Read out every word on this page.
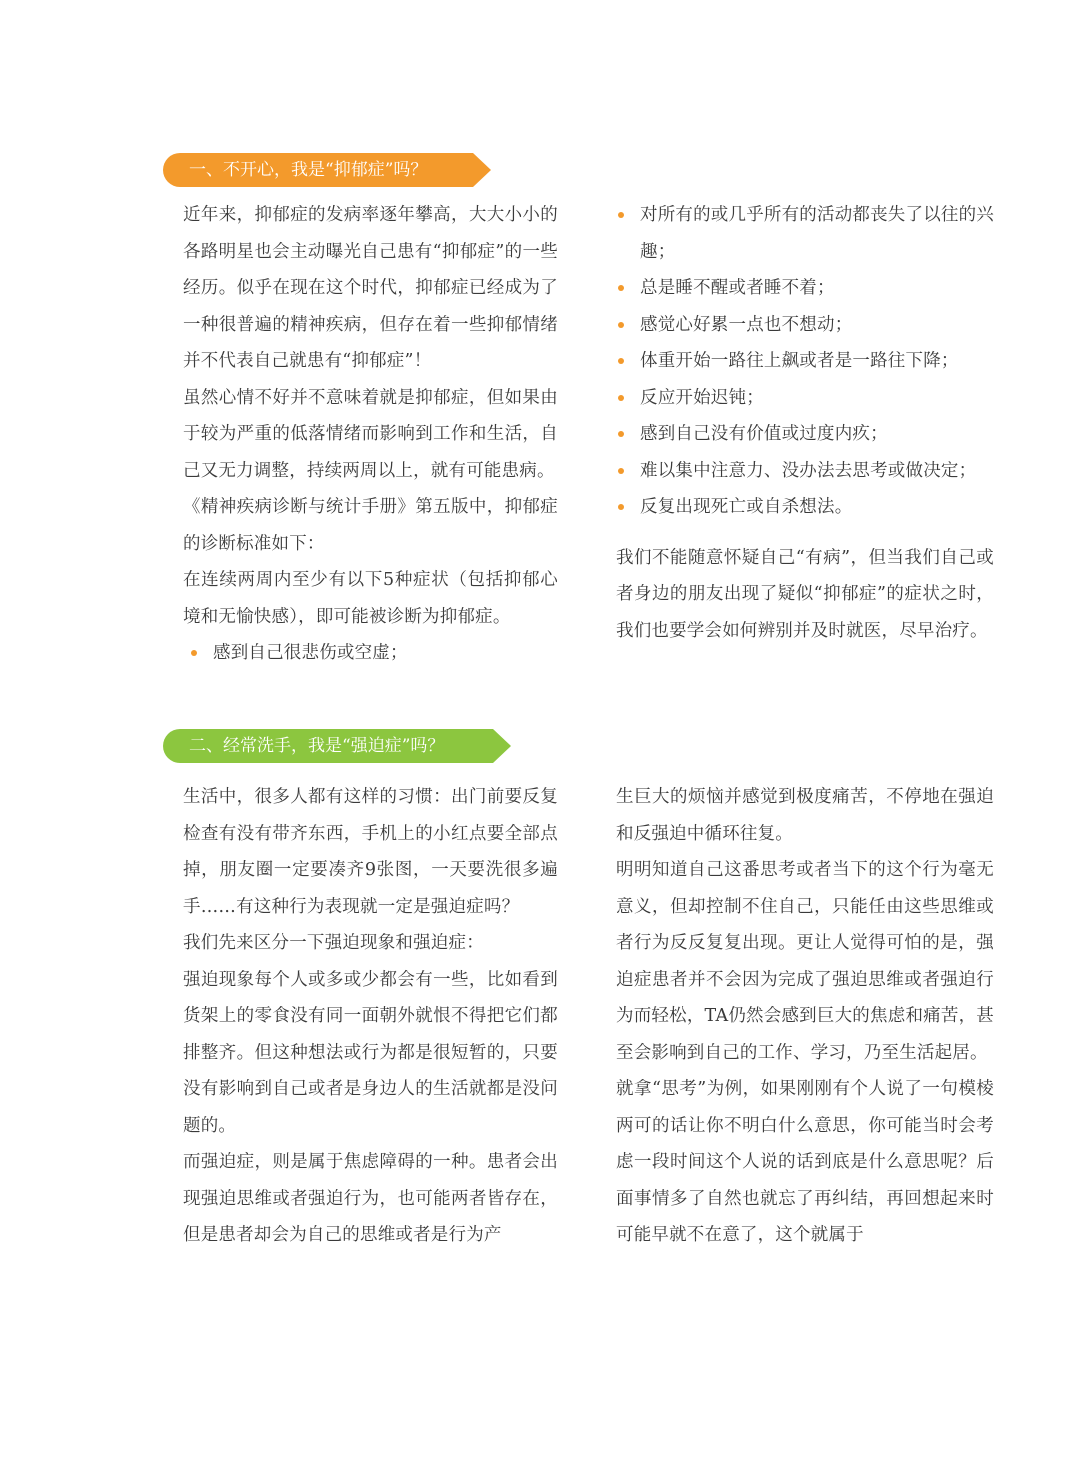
一、不开心，我是“抑郁症”吗？

近年来，抑郁症的发病率逐年攀高，大大小小的各路明星也会主动曝光自己患有“抑郁症”的一些经历。似乎在现在这个时代，抑郁症已经成为了一种很普遍的精神疾病，但存在着一些抑郁情绪并不代表自己就患有“抑郁症”！

虽然心情不好并不意味着就是抑郁症，但如果由于较为严重的低落情绪而影响到工作和生活，自己又无力调整，持续两周以上，就有可能患病。

《精神疾病诊断与统计手册》第五版中，抑郁症的诊断标准如下：

在连续两周内至少有以下5种症状（包括抑郁心境和无愉快感），即可能被诊断为抑郁症。

感到自己很悲伤或空虚；
对所有的或几乎所有的活动都丧失了以往的兴趣；
总是睡不醒或者睡不着；
感觉心好累一点也不想动；
体重开始一路往上飙或者是一路往下降；
反应开始迟钝；
感到自己没有价值或过度内疚；
难以集中注意力、没办法去思考或做决定；
反复出现死亡或自杀想法。

我们不能随意怀疑自己“有病”，但当我们自己或者身边的朋友出现了疑似“抑郁症”的症状之时，我们也要学会如何辨别并及时就医，尽早治疗。

二、经常洗手，我是“强迫症”吗？

生活中，很多人都有这样的习惯：出门前要反复检查有没有带齐东西，手机上的小红点要全部点掉，朋友圈一定要凑齐9张图，一天要洗很多遍手……有这种行为表现就一定是强迫症吗？

我们先来区分一下强迫现象和强迫症：

强迫现象每个人或多或少都会有一些，比如看到货架上的零食没有同一面朝外就恨不得把它们都排整齐。但这种想法或行为都是很短暂的，只要没有影响到自己或者是身边人的生活就都是没问题的。

而强迫症，则是属于焦虑障碍的一种。患者会出现强迫思维或者强迫行为，也可能两者皆存在，但是患者却会为自己的思维或者是行为产

生巨大的烦恼并感觉到极度痛苦，不停地在强迫和反强迫中循环往复。

明明知道自己这番思考或者当下的这个行为毫无意义，但却控制不住自己，只能任由这些思维或者行为反反复复出现。更让人觉得可怕的是，强迫症患者并不会因为完成了强迫思维或者强迫行为而轻松，TA仍然会感到巨大的焦虑和痛苦，甚至会影响到自己的工作、学习，乃至生活起居。

就拿“思考”为例，如果刚刚有个人说了一句模棱两可的话让你不明白什么意思，你可能当时会考虑一段时间这个人说的话到底是什么意思呢？后面事情多了自然也就忘了再纠结，再回想起来时可能早就不在意了，这个就属于
